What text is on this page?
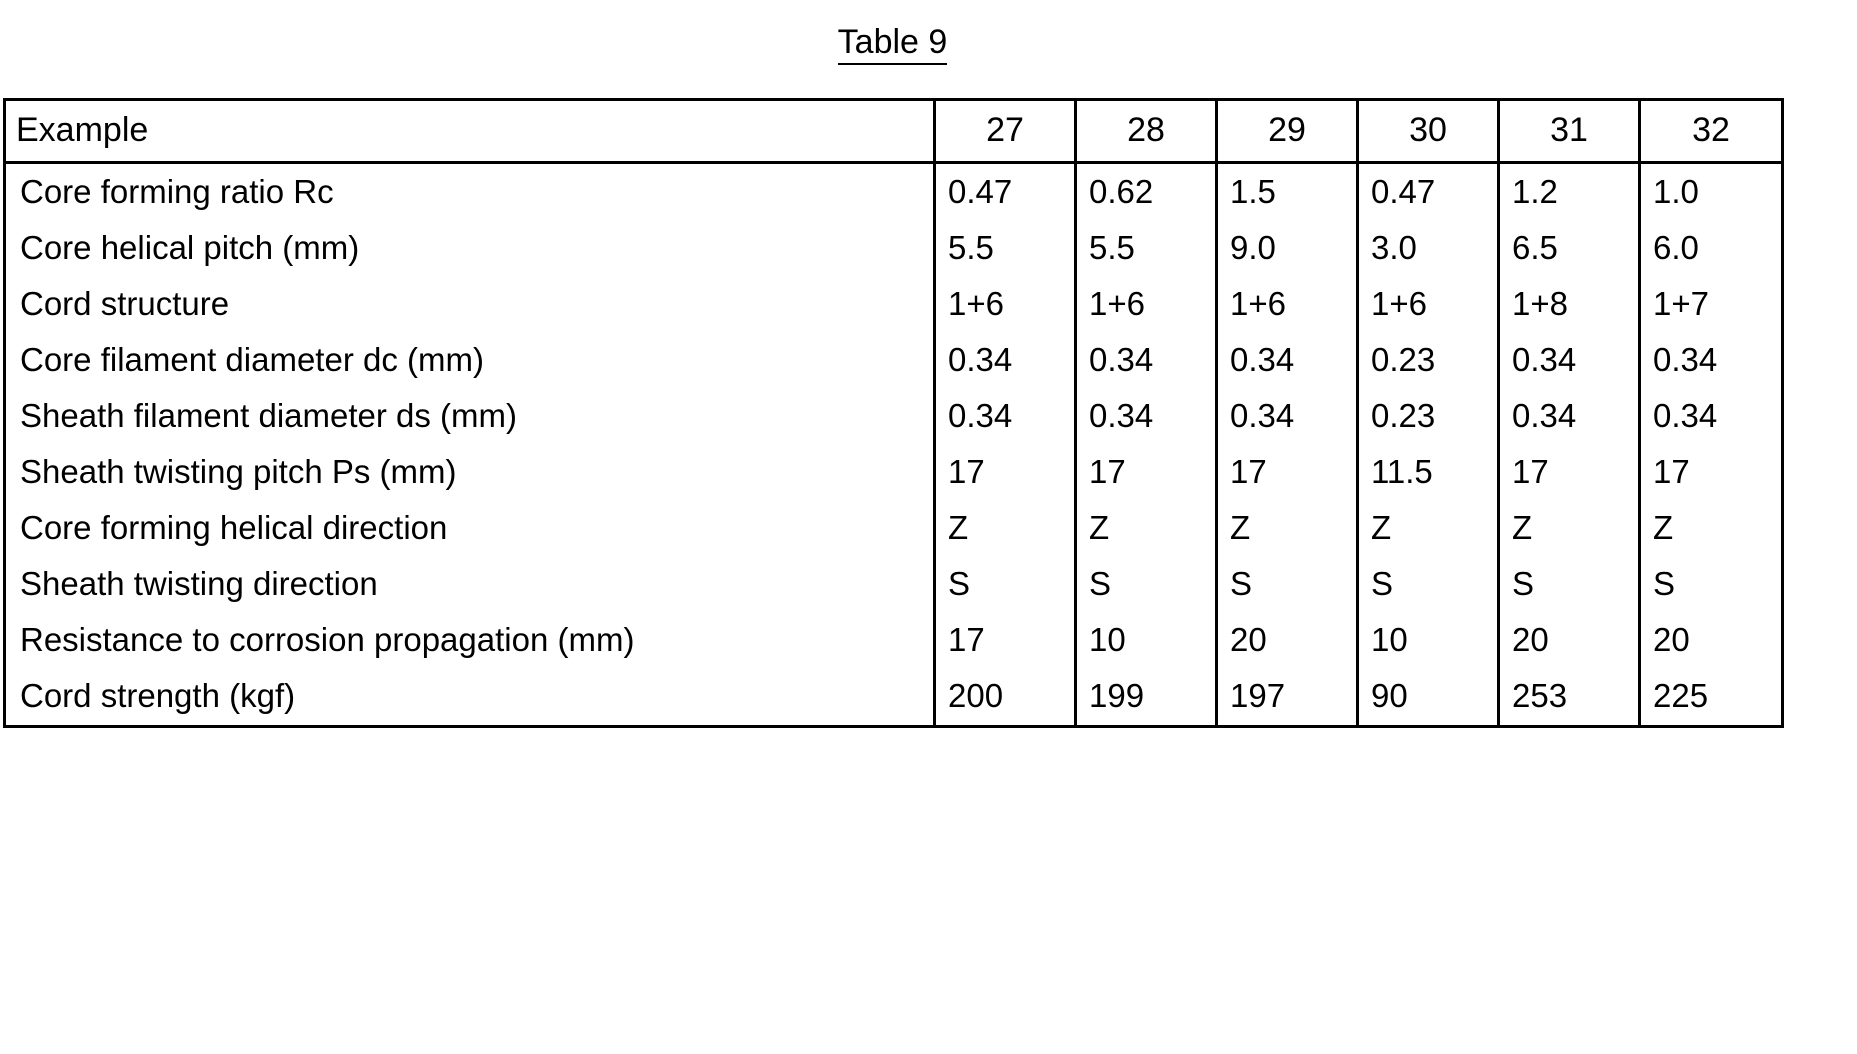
Table 9
Example	27	28	29	30	31	32
Core forming ratio Rc	0.47	0.62	1.5	0.47	1.2	1.0
Core helical pitch (mm)	5.5	5.5	9.0	3.0	6.5	6.0
Cord structure	1+6	1+6	1+6	1+6	1+8	1+7
Core filament diameter dc (mm)	0.34	0.34	0.34	0.23	0.34	0.34
Sheath filament diameter ds (mm)	0.34	0.34	0.34	0.23	0.34	0.34
Sheath twisting pitch Ps (mm)	17	17	17	11.5	17	17
Core forming helical direction	Z	Z	Z	Z	Z	Z
Sheath twisting direction	S	S	S	S	S	S
Resistance to corrosion propagation (mm)	17	10	20	10	20	20
Cord strength (kgf)	200	199	197	90	253	225
